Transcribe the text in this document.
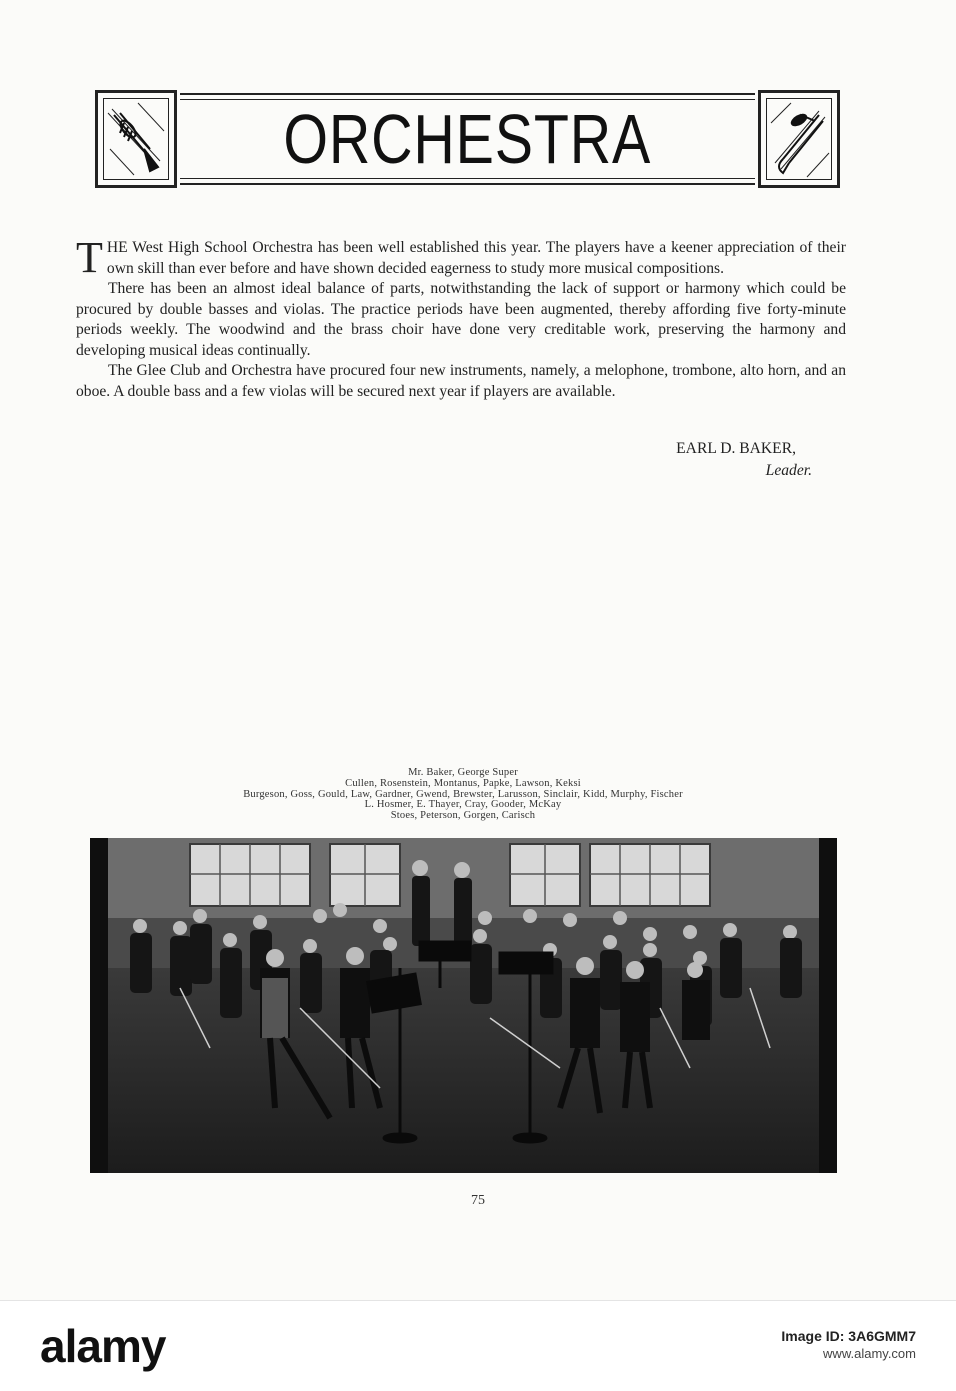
ORCHESTRA

THE West High School Orchestra has been well established this year. The players have a keener appreciation of their own skill than ever before and have shown decided eagerness to study more musical compositions.

There has been an almost ideal balance of parts, notwithstanding the lack of support or harmony which could be procured by double basses and violas. The practice periods have been augmented, thereby affording five forty-minute periods weekly. The woodwind and the brass choir have done very creditable work, preserving the harmony and developing musical ideas continually.

The Glee Club and Orchestra have procured four new instruments, namely, a melophone, trombone, alto horn, and an oboe. A double bass and a few violas will be secured next year if players are available.

EARL D. BAKER,
Leader.
Mr. Baker, George Super
Cullen, Rosenstein, Montanus, Papke, Lawson, Keksi
Burgeson, Goss, Gould, Law, Gardner, Gwend, Brewster, Larusson, Sinclair, Kidd, Murphy, Fischer
L. Hosmer, E. Thayer, Cray, Gooder, McKay
Stoes, Peterson, Gorgen, Carisch
75
alamy	Image ID: 3A6GMM7
www.alamy.com
